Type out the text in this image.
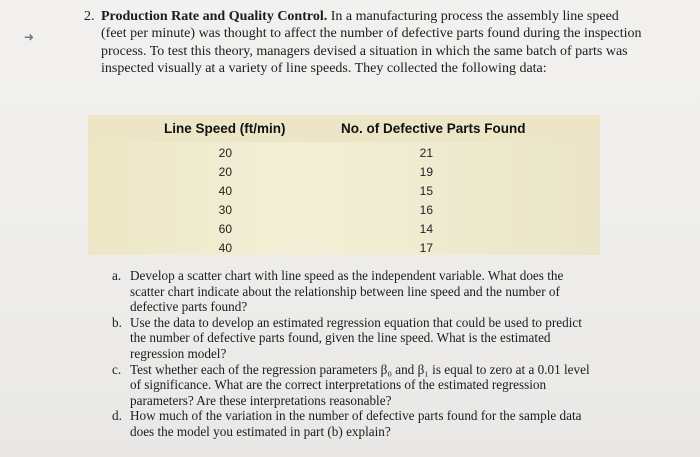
➜
2. Production Rate and Quality Control. In a manufacturing process the assembly line speed (feet per minute) was thought to affect the number of defective parts found during the inspection process. To test this theory, managers devised a situation in which the same batch of parts was inspected visually at a variety of line speeds. They collected the following data:
Line Speed (ft/min)	No. of Defective Parts Found
20	21
20	19
40	15
30	16
60	14
40	17

a. Develop a scatter chart with line speed as the independent variable. What does the scatter chart indicate about the relationship between line speed and the number of defective parts found?

b. Use the data to develop an estimated regression equation that could be used to predict the number of defective parts found, given the line speed. What is the estimated regression model?

c. Test whether each of the regression parameters β₀ and β₁ is equal to zero at a 0.01 level of significance. What are the correct interpretations of the estimated regression parameters? Are these interpretations reasonable?

d. How much of the variation in the number of defective parts found for the sample data does the model you estimated in part (b) explain?
